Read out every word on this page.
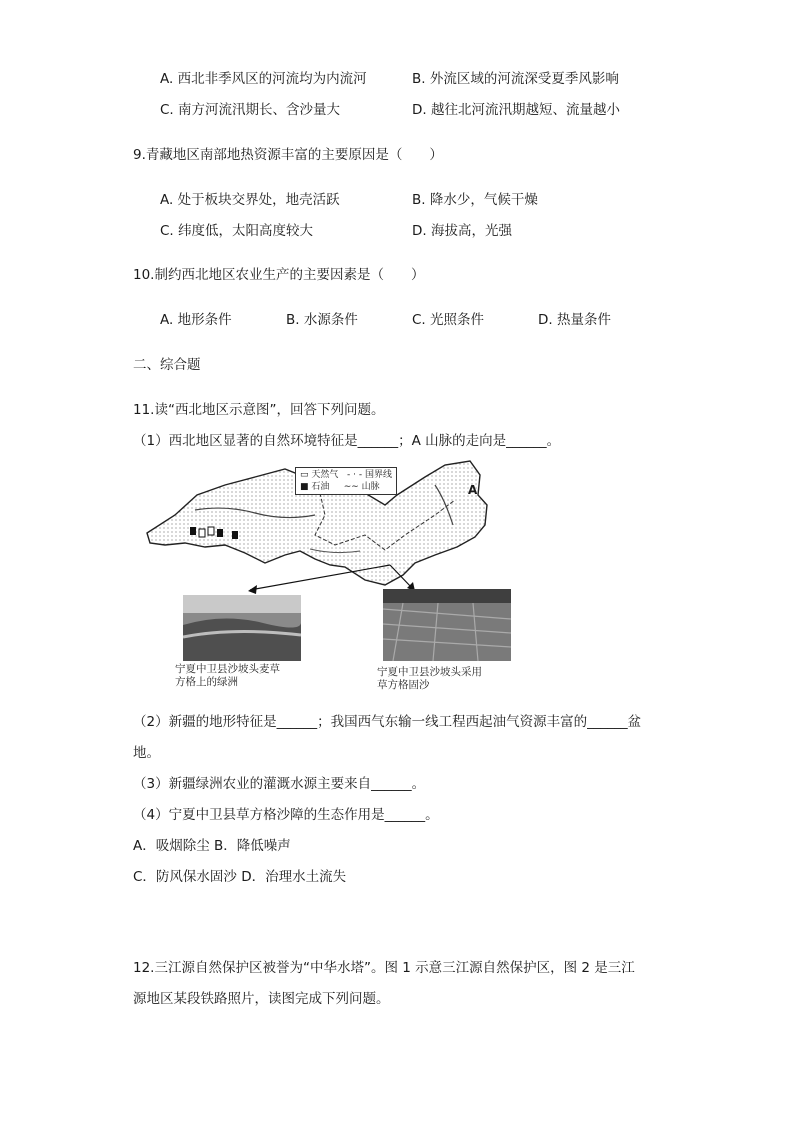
A. 西北非季风区的河流均为内流河	B. 外流区域的河流深受夏季风影响
C. 南方河流汛期长、含沙量大	D. 越往北河流汛期越短、流量越小
9.青藏地区南部地热资源丰富的主要原因是（　　）
A. 处于板块交界处，地壳活跃	B. 降水少，气候干燥
C. 纬度低，太阳高度较大	D. 海拔高，光强
10.制约西北地区农业生产的主要因素是（　　）
A. 地形条件	B. 水源条件	C. 光照条件	D. 热量条件
二、综合题
11.读“西北地区示意图”，回答下列问题。
（1）西北地区显著的自然环境特征是______；A 山脉的走向是______。
A
▭ 天然气 - · - 国界线
■ 石油 ∼∼ 山脉
宁夏中卫县沙坡头麦草
方格上的绿洲
宁夏中卫县沙坡头采用
草方格固沙
（2）新疆的地形特征是______；我国西气东输一线工程西起油气资源丰富的______盆
地。
（3）新疆绿洲农业的灌溉水源主要来自______。
（4）宁夏中卫县草方格沙障的生态作用是______。
A．吸烟除尘 B．降低噪声
C．防风保水固沙 D．治理水土流失
12.三江源自然保护区被誉为“中华水塔”。图 1 示意三江源自然保护区，图 2 是三江
源地区某段铁路照片，读图完成下列问题。
